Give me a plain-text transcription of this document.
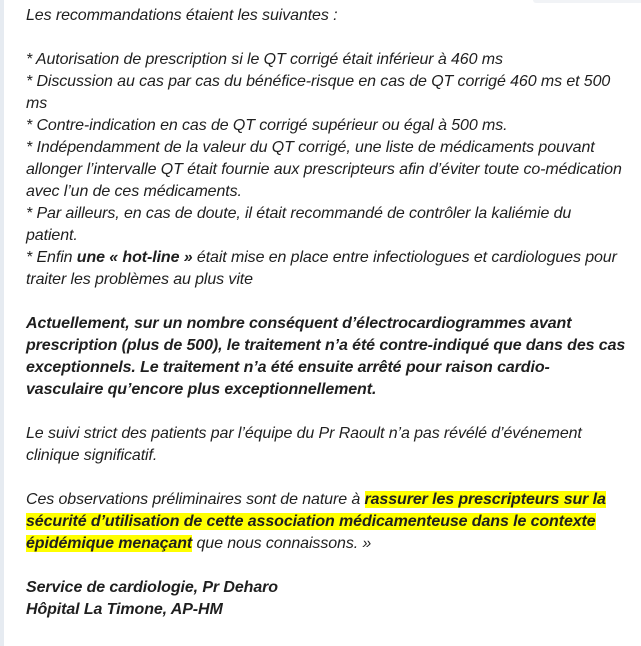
Les recommandations étaient les suivantes :

* Autorisation de prescription si le QT corrigé était inférieur à 460 ms

* Discussion au cas par cas du bénéfice-risque en cas de QT corrigé 460 ms et 500 ms

* Contre-indication en cas de QT corrigé supérieur ou égal à 500 ms.

* Indépendamment de la valeur du QT corrigé, une liste de médicaments pouvant allonger l’intervalle QT était fournie aux prescripteurs afin d’éviter toute co-médication avec l’un de ces médicaments.

* Par ailleurs, en cas de doute, il était recommandé de contrôler la kaliémie du patient.

* Enfin une « hot-line » était mise en place entre infectiologues et cardiologues pour traiter les problèmes au plus vite

Actuellement, sur un nombre conséquent d’électrocardiogrammes avant prescription (plus de 500), le traitement n’a été contre-indiqué que dans des cas exceptionnels. Le traitement n’a été ensuite arrêté pour raison cardio-vasculaire qu’encore plus exceptionnellement.

Le suivi strict des patients par l’équipe du Pr Raoult n’a pas révélé d’événement clinique significatif.

Ces observations préliminaires sont de nature à rassurer les prescripteurs sur la sécurité d’utilisation de cette association médicamenteuse dans le contexte épidémique menaçant que nous connaissons. »

Service de cardiologie, Pr Deharo

Hôpital La Timone, AP-HM
